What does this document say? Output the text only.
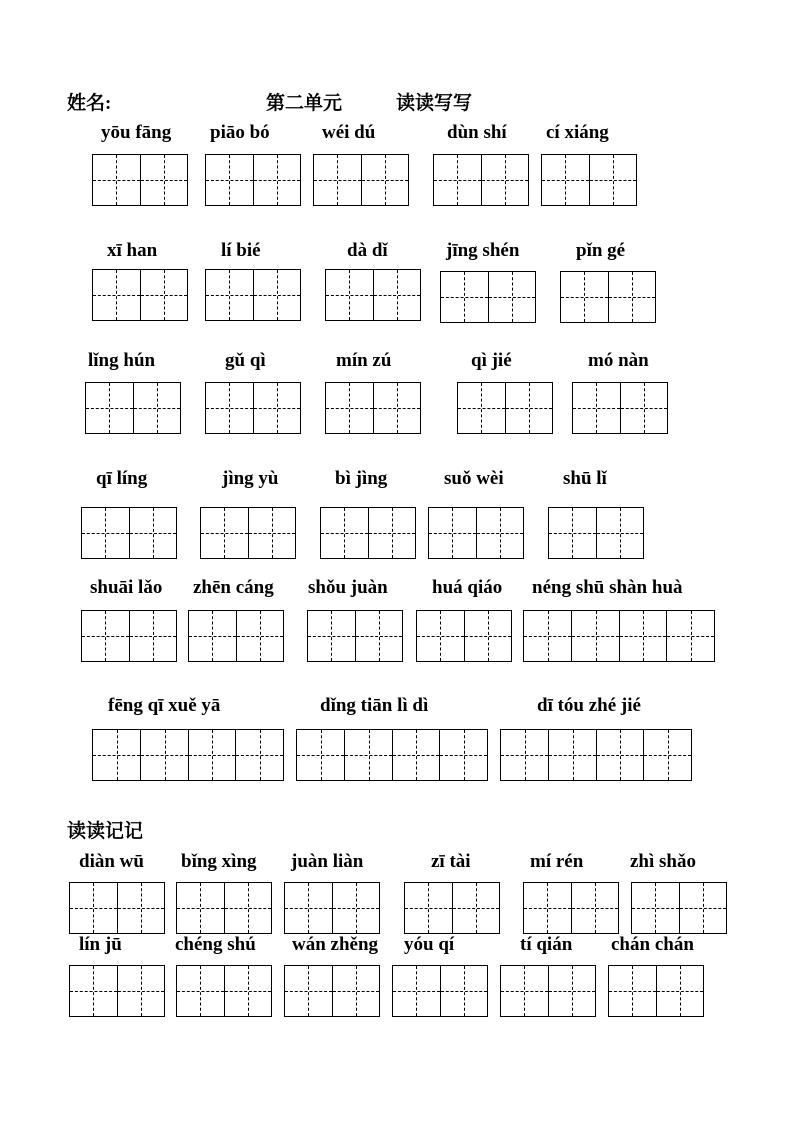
姓名:	第二单元	读读写写
读读记记
yōu fāng piāo bó	wéi dú	dùn shí cí xiáng
xī han	lí bié	dà dǐ	jīng shén	pǐn gé
lǐng hún	gǔ qì	mín zú	qì jié	mó nàn
qī líng	jìng yù	bì jìng	suǒ wèi	shū lǐ
shuāi lǎo zhēn cáng shǒu juàn huá qiáo néng shū shàn huà
fēng qī xuě yā	dǐng tiān lì dì	dī tóu zhé jié
diàn wū bǐng xìng juàn liàn	zī tài	mí rén zhì shǎo
lín jū	chéng shú wán zhěng yóu qí	tí qián chán chán
